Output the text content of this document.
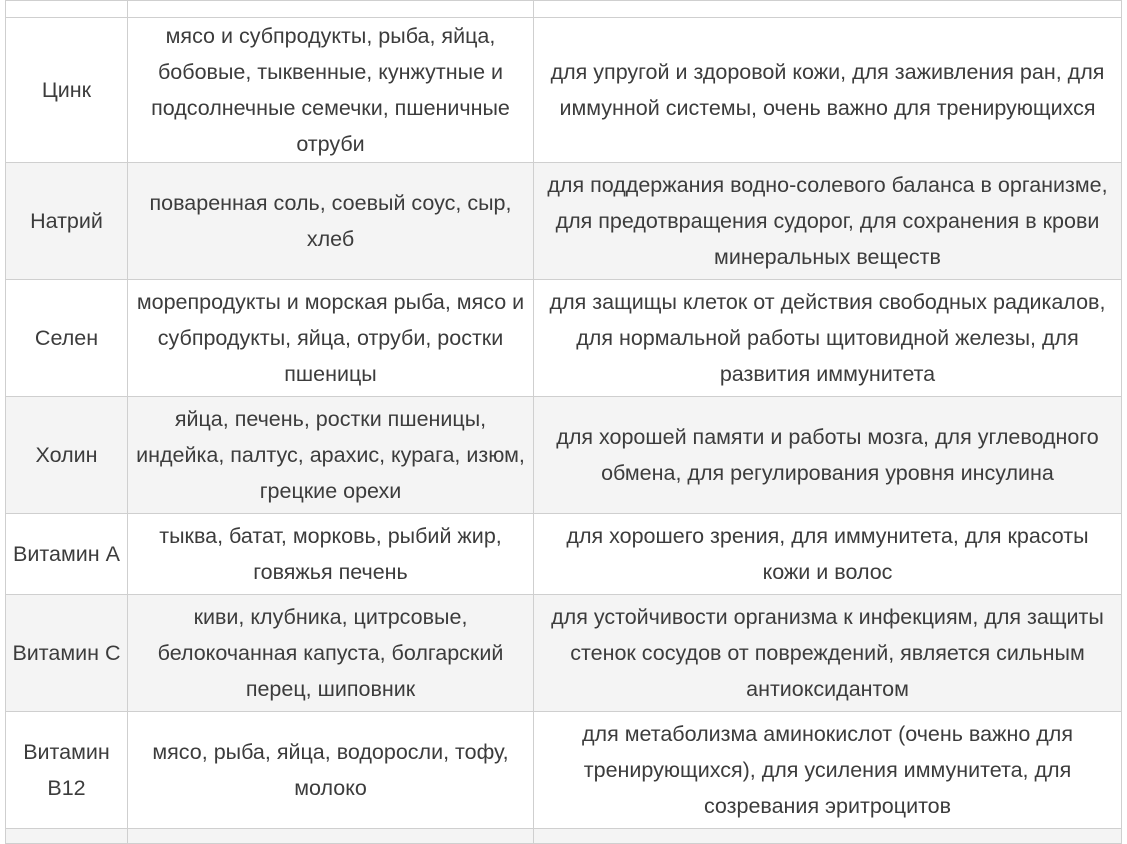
Цинк	мясо и субпродукты, рыба, яйца, бобовые, тыквенные, кунжутные и подсолнечные семечки, пшеничные отруби	для упругой и здоровой кожи, для заживления ран, для иммунной системы, очень важно для тренирующихся
Натрий	поваренная соль, соевый соус, сыр, хлеб	для поддержания водно-солевого баланса в организме, для предотвращения судорог, для сохранения в крови минеральных веществ
Селен	морепродукты и морская рыба, мясо и субпродукты, яйца, отруби, ростки пшеницы	для защищы клеток от действия свободных радикалов, для нормальной работы щитовидной железы, для развития иммунитета
Холин	яйца, печень, ростки пшеницы, индейка, палтус, арахис, курага, изюм, грецкие орехи	для хорошей памяти и работы мозга, для углеводного обмена, для регулирования уровня инсулина
Витамин А	тыква, батат, морковь, рыбий жир, говяжья печень	для хорошего зрения, для иммунитета, для красоты кожи и волос
Витамин С	киви, клубника, цитрсовые, белокочанная капуста, болгарский перец, шиповник	для устойчивости организма к инфекциям, для защиты стенок сосудов от повреждений, является сильным антиоксидантом
Витамин В12	мясо, рыба, яйца, водоросли, тофу, молоко	для метаболизма аминокислот (очень важно для тренирующихся), для усиления иммунитета, для созревания эритроцитов
